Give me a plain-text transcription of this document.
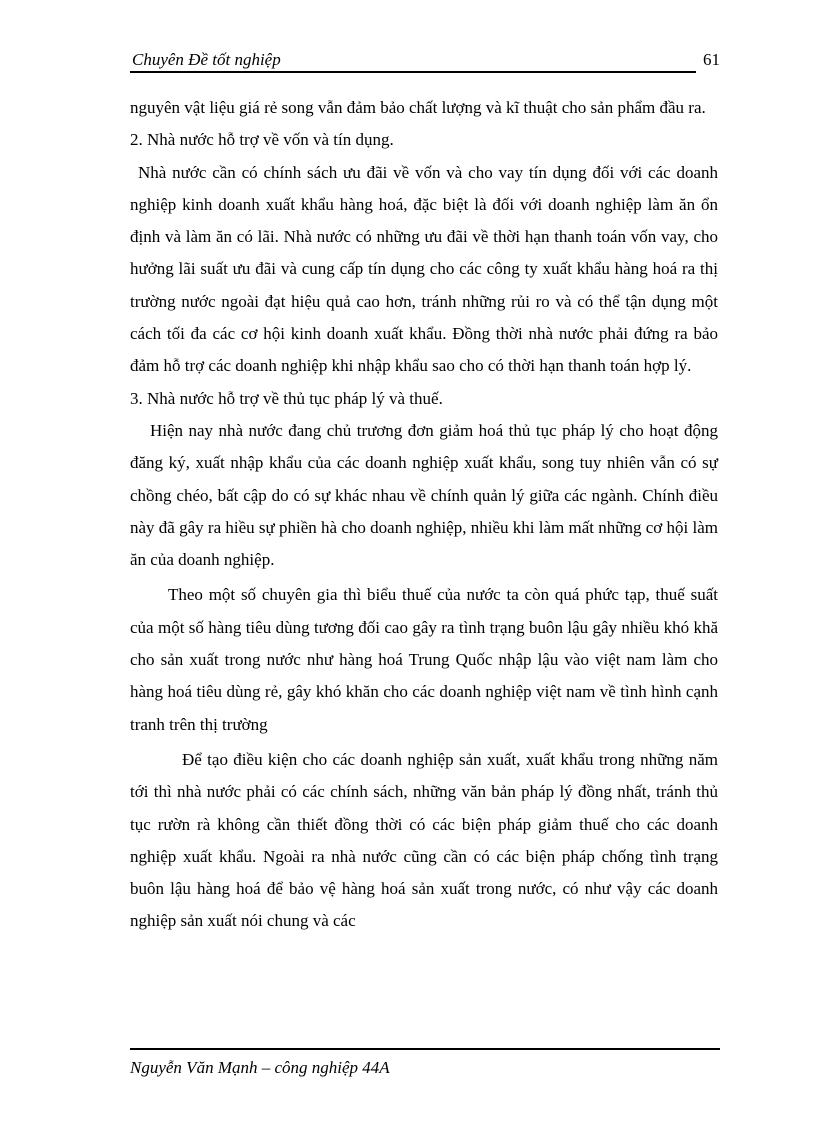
Chuyên Đề tốt nghiệp	61

nguyên vật liệu giá rẻ song vẫn đảm bảo chất lượng và kĩ thuật cho sản phẩm đầu ra.

2. Nhà nước hỗ trợ về vốn và tín dụng.

Nhà nước cần có chính sách ưu đãi về vốn và cho vay tín dụng đối với các doanh nghiệp kinh doanh xuất khẩu hàng hoá, đặc biệt là đối với doanh nghiệp làm ăn ổn định và làm ăn có lãi. Nhà nước có những ưu đãi về thời hạn thanh toán vốn vay, cho hưởng lãi suất ưu đãi và cung cấp tín dụng cho các công ty xuất khẩu hàng hoá ra thị trường nước ngoài đạt hiệu quả cao hơn, tránh những rủi ro và có thể tận dụng một cách tối đa các cơ hội kinh doanh xuất khẩu. Đồng thời nhà nước phải đứng ra bảo đảm hỗ trợ các doanh nghiệp khi nhập khẩu sao cho có thời hạn thanh toán hợp lý.

3. Nhà nước hỗ trợ về thủ tục pháp lý và thuế.

Hiện nay nhà nước đang chủ trương đơn giảm hoá thủ tục pháp lý cho hoạt động đăng ký, xuất nhập khẩu của các doanh nghiệp xuất khẩu, song tuy nhiên vẫn có sự chồng chéo, bất cập do có sự khác nhau về chính quản lý giữa các ngành. Chính điều này đã gây ra hiều sự phiền hà cho doanh nghiệp, nhiều khi làm mất những cơ hội làm ăn của doanh nghiệp.

Theo một số chuyên gia thì biểu thuế của nước ta còn quá phức tạp, thuế suất của một số hàng tiêu dùng tương đối cao gây ra tình trạng buôn lậu gây nhiều khó khă cho sản xuất trong nước như hàng hoá Trung Quốc nhập lậu vào việt nam làm cho hàng hoá tiêu dùng rẻ, gây khó khăn cho các doanh nghiệp việt nam về tình hình cạnh tranh trên thị trường

Để tạo điều kiện cho các doanh nghiệp sản xuất, xuất khẩu trong những năm tới thì nhà nước phải có các chính sách, những văn bản pháp lý đồng nhất, tránh thủ tục rườn rà không cần thiết đồng thời có các biện pháp giảm thuế cho các doanh nghiệp xuất khẩu. Ngoài ra nhà nước cũng cần có các biện pháp chống tình trạng buôn lậu hàng hoá để bảo vệ hàng hoá sản xuất trong nước, có như vậy các doanh nghiệp sản xuất nói chung và các

Nguyễn Văn Mạnh – công nghiệp 44A
